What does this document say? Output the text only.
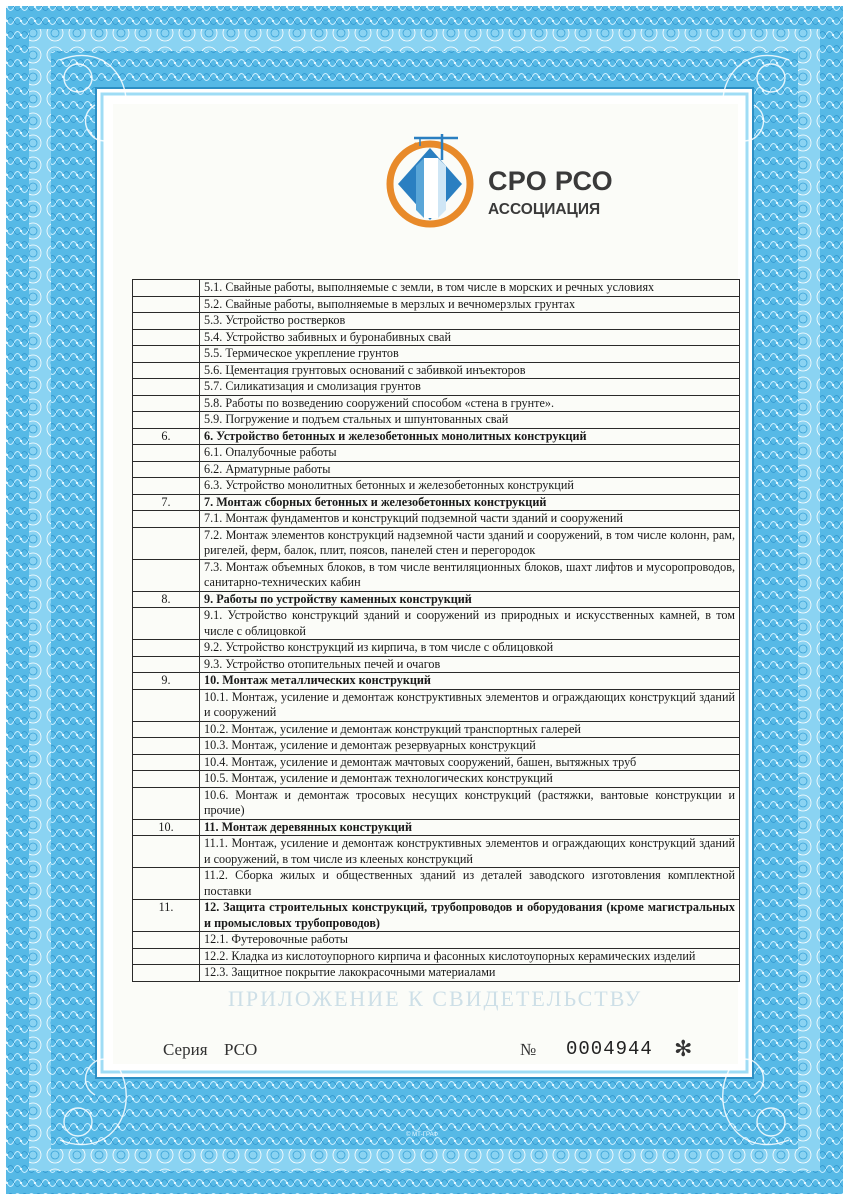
СРО РСО
АССОЦИАЦИЯ
	5.1. Свайные работы, выполняемые с земли, в том числе в морских и речных условиях
	5.2. Свайные работы, выполняемые в мерзлых и вечномерзлых грунтах
	5.3. Устройство ростверков
	5.4. Устройство забивных и буронабивных свай
	5.5. Термическое укрепление грунтов
	5.6. Цементация грунтовых оснований с забивкой инъекторов
	5.7. Силикатизация и смолизация грунтов
	5.8. Работы по возведению сооружений способом «стена в грунте».
	5.9. Погружение и подъем стальных и шпунтованных свай
6.	6. Устройство бетонных и железобетонных монолитных конструкций
	6.1. Опалубочные работы
	6.2. Арматурные работы
	6.3. Устройство монолитных бетонных и железобетонных конструкций
7.	7. Монтаж сборных бетонных и железобетонных конструкций
	7.1. Монтаж фундаментов и конструкций подземной части зданий и сооружений
	7.2. Монтаж элементов конструкций надземной части зданий и сооружений, в том числе колонн, рам, ригелей, ферм, балок, плит, поясов, панелей стен и перегородок
	7.3. Монтаж объемных блоков, в том числе вентиляционных блоков, шахт лифтов и мусоропроводов, санитарно-технических кабин
8.	9. Работы по устройству каменных конструкций
	9.1. Устройство конструкций зданий и сооружений из природных и искусственных камней, в том числе с облицовкой
	9.2. Устройство конструкций из кирпича, в том числе с облицовкой
	9.3. Устройство отопительных печей и очагов
9.	10. Монтаж металлических конструкций
	10.1. Монтаж, усиление и демонтаж конструктивных элементов и ограждающих конструкций зданий и сооружений
	10.2. Монтаж, усиление и демонтаж конструкций транспортных галерей
	10.3. Монтаж, усиление и демонтаж резервуарных конструкций
	10.4. Монтаж, усиление и демонтаж мачтовых сооружений, башен, вытяжных труб
	10.5. Монтаж, усиление и демонтаж технологических конструкций
	10.6. Монтаж и демонтаж тросовых несущих конструкций (растяжки, вантовые конструкции и прочие)
10.	11. Монтаж деревянных конструкций
	11.1. Монтаж, усиление и демонтаж конструктивных элементов и ограждающих конструкций зданий и сооружений, в том числе из клееных конструкций
	11.2. Сборка жилых и общественных зданий из деталей заводского изготовления комплектной поставки
11.	12. Защита строительных конструкций, трубопроводов и оборудования (кроме магистральных и промысловых трубопроводов)
	12.1. Футеровочные работы
	12.2. Кладка из кислотоупорного кирпича и фасонных кислотоупорных керамических изделий
	12.3. Защитное покрытие лакокрасочными материалами
ПРИЛОЖЕНИЕ К СВИДЕТЕЛЬСТВУ
Серия РСО	№ 0004944 ✻
© МТ-ГРАФ
